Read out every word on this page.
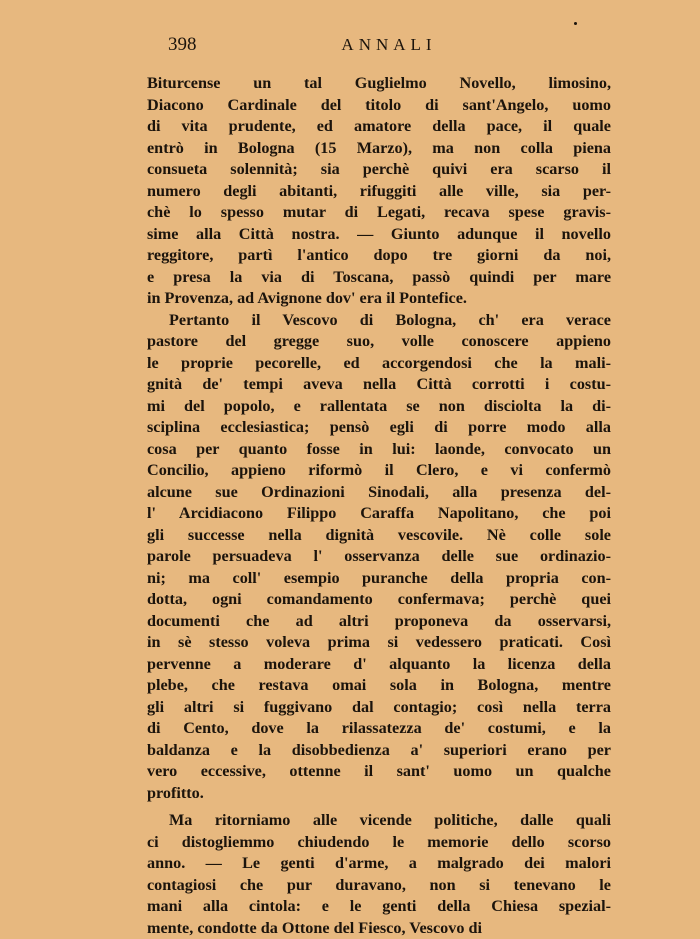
398	ANNALI
Biturcense un tal Guglielmo Novello, limosino,
Diacono Cardinale del titolo di sant'Angelo, uomo
di vita prudente, ed amatore della pace, il quale
entrò in Bologna (15 Marzo), ma non colla piena
consueta solennità; sia perchè quivi era scarso il
numero degli abitanti, rifuggiti alle ville, sia per-
chè lo spesso mutar di Legati, recava spese gravis-
sime alla Città nostra. — Giunto adunque il novello
reggitore, partì l'antico dopo tre giorni da noi,
e presa la via di Toscana, passò quindi per mare
in Provenza, ad Avignone dov' era il Pontefice.
Pertanto il Vescovo di Bologna, ch' era verace
pastore del gregge suo, volle conoscere appieno
le proprie pecorelle, ed accorgendosi che la mali-
gnità de' tempi aveva nella Città corrotti i costu-
mi del popolo, e rallentata se non disciolta la di-
sciplina ecclesiastica; pensò egli di porre modo alla
cosa per quanto fosse in lui: laonde, convocato un
Concilio, appieno riformò il Clero, e vi confermò
alcune sue Ordinazioni Sinodali, alla presenza del-
l' Arcidiacono Filippo Caraffa Napolitano, che poi
gli successe nella dignità vescovile. Nè colle sole
parole persuadeva l' osservanza delle sue ordinazio-
ni; ma coll' esempio puranche della propria con-
dotta, ogni comandamento confermava; perchè quei
documenti che ad altri proponeva da osservarsi,
in sè stesso voleva prima si vedessero praticati. Così
pervenne a moderare d' alquanto la licenza della
plebe, che restava omai sola in Bologna, mentre
gli altri si fuggivano dal contagio; così nella terra
di Cento, dove la rilassatezza de' costumi, e la
baldanza e la disobbedienza a' superiori erano per
vero eccessive, ottenne il sant' uomo un qualche
profitto.
Ma ritorniamo alle vicende politiche, dalle quali
ci distogliemmo chiudendo le memorie dello scorso
anno. — Le genti d'arme, a malgrado dei malori
contagiosi che pur duravano, non si tenevano le
mani alla cintola: e le genti della Chiesa spezial-
mente, condotte da Ottone del Fiesco, Vescovo di
